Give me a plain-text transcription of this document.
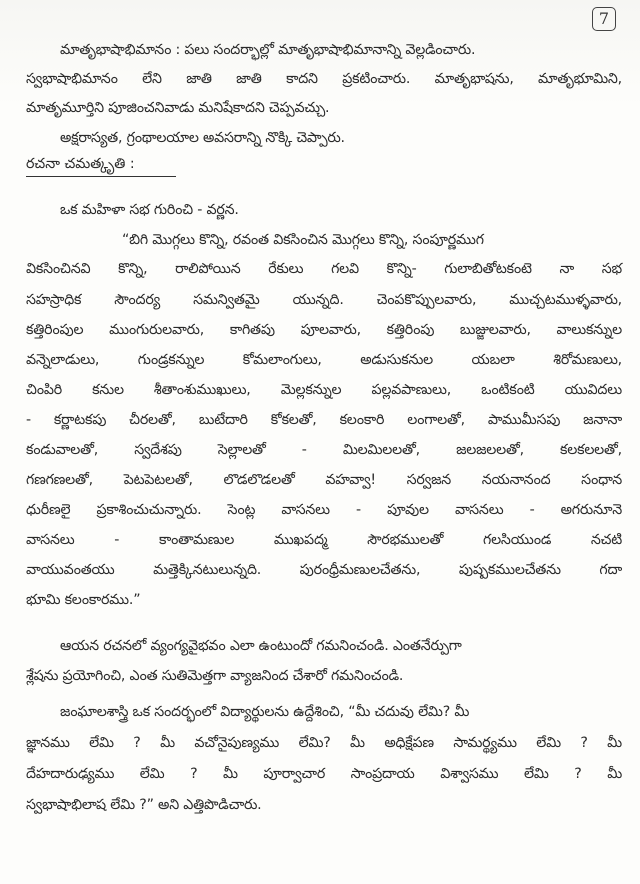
7
మాతృభాషాభిమానం : పలు సందర్భాల్లో మాతృభాషాభిమానాన్ని వెల్లడించారు.
స్వభాషాభిమానం లేని జాతి జాతి కాదని ప్రకటించారు. మాతృభాషను, మాతృభూమిని,
మాతృమూర్తిని పూజించనివాడు మనిషేకాదని చెప్పవచ్చు.
అక్షరాస్యత, గ్రంథాలయాల అవసరాన్ని నొక్కి చెప్పారు.
రచనా చమత్కృతి :
ఒక మహిళా సభ గురించి - వర్ణన.
“బిగి మొగ్గలు కొన్ని, రవంత వికసించిన మొగ్గలు కొన్ని, సంపూర్ణముగ
వికసించినవి కొన్ని, రాలిపోయిన రేకులు గలవి కొన్ని- గులాబితోటకంటె నా సభ
సహస్రాధిక సౌందర్య సమన్వితమై యున్నది. చెంపకొప్పులవారు, ముచ్చటముళ్ళవారు,
కత్తిరింపుల ముంగురులవారు, కాగితపు పూలవారు, కత్తిరింపు బుజ్జులవారు, వాలుకన్నుల
వన్నెలాడులు, గుండ్రకన్నుల కోమలాంగులు, అడుసుకనుల యబలా శిరోమణులు,
చింపిరి కనుల శీతాంశుముఖులు, మెల్లకన్నుల పల్లవపాణులు, ఒంటికంటి యువిదలు
- కర్ణాటకపు చీరలతో, బుటేదారి కోకలతో, కలంకారి లంగాలతో, పాముమీసపు జనానా
కండువాలతో, స్వదేశపు సెల్లాలతో - మిలమిలలతో, జలజలలతో, కలకలలతో,
గణగణలతో, పెటపెటలతో, లొడలొడలతో వహవ్వా! సర్వజన నయనానంద సంధాన
ధురీణలై ప్రకాశించుచున్నారు. సెంట్ల వాసనలు - పూవుల వాసనలు - అగరునూనె
వాసనలు - కాంతామణుల ముఖపద్మ సౌరభములతో గలసియుండ నచటి
వాయువంతయు మత్తెక్కినటులున్నది. పురంధ్రీమణులచేతను, పుష్పకములచేతను గదా
భూమి కలంకారము.”
ఆయన రచనలో వ్యంగ్యవైభవం ఎలా ఉంటుందో గమనించండి. ఎంతనేర్పుగా
శ్లేషను ప్రయోగించి, ఎంత సుతిమెత్తగా వ్యాజనింద చేశారో గమనించండి.
జంఘాలశాస్త్రి ఒక సందర్భంలో విద్యార్థులను ఉద్దేశించి, “మీ చదువు లేమి? మీ
జ్ఞానము లేమి ? మీ వచోనైపుణ్యము లేమి? మీ అధిక్షేపణ సామర్థ్యము లేమి ? మీ
దేహదారుఢ్యము లేమి ? మీ పూర్వాచార సాంప్రదాయ విశ్వాసము లేమి ? మీ
స్వభాషాభిలాష లేమి ?” అని ఎత్తిపొడిచారు.
